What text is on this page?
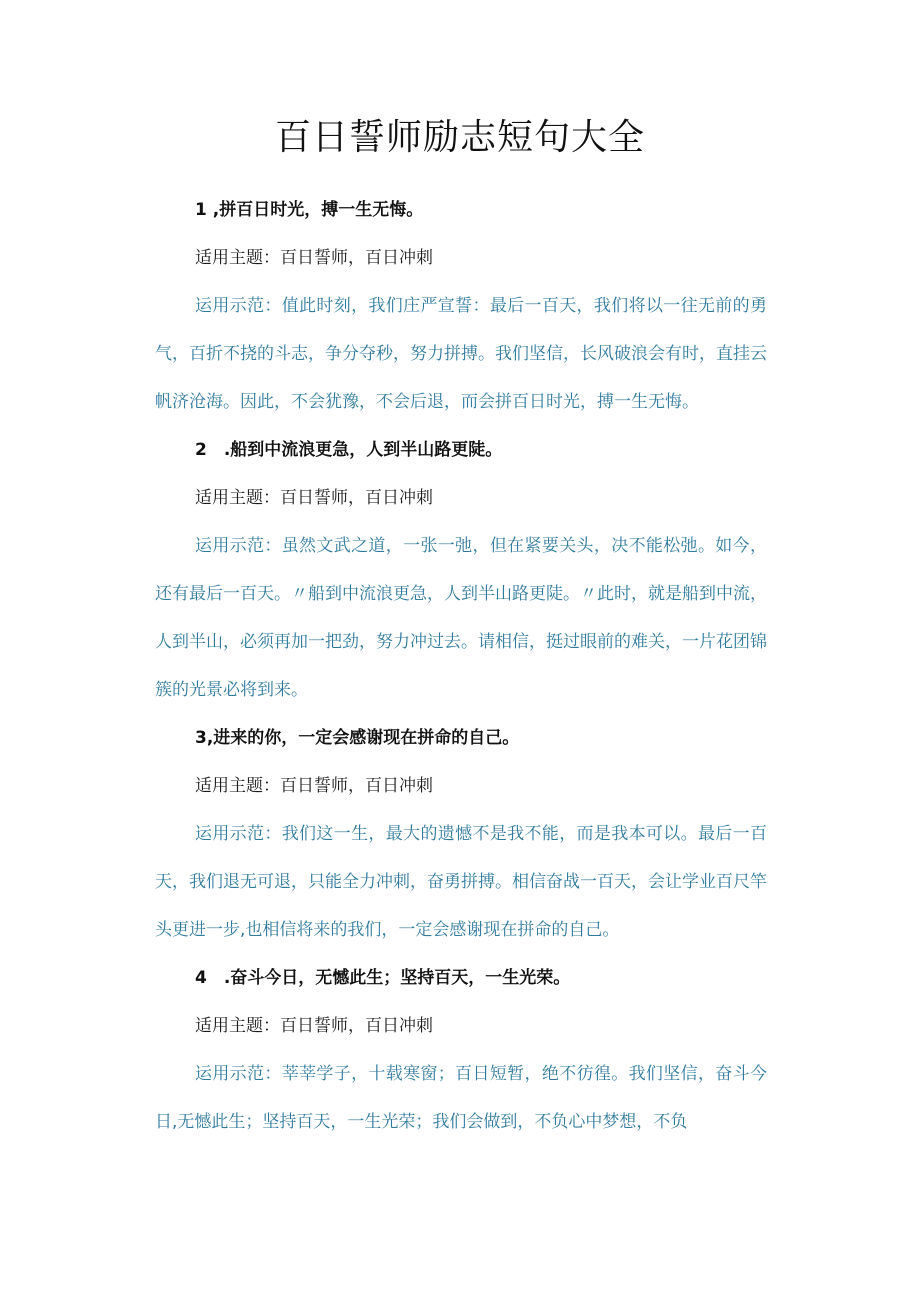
百日誓师励志短句大全

1 ,拼百日时光，搏一生无悔。

适用主题：百日誓师，百日冲刺

运用示范：值此时刻，我们庄严宣誓：最后一百天，我们将以一往无前的勇气，百折不挠的斗志，争分夺秒，努力拼搏。我们坚信，长风破浪会有时，直挂云帆济沧海。因此，不会犹豫，不会后退，而会拼百日时光，搏一生无悔。

2　.船到中流浪更急，人到半山路更陡。

适用主题：百日誓师，百日冲刺

运用示范：虽然文武之道，一张一弛，但在紧要关头，决不能松弛。如今，还有最后一百天。〃船到中流浪更急，人到半山路更陡。〃此时，就是船到中流，人到半山，必须再加一把劲，努力冲过去。请相信，挺过眼前的难关，一片花团锦簇的光景必将到来。

3,进来的你，一定会感谢现在拼命的自己。

适用主题：百日誓师，百日冲刺

运用示范：我们这一生，最大的遗憾不是我不能，而是我本可以。最后一百天，我们退无可退，只能全力冲刺，奋勇拼搏。相信奋战一百天，会让学业百尺竿头更进一步,也相信将来的我们，一定会感谢现在拼命的自己。

4　.奋斗今日，无憾此生；坚持百天，一生光荣。

适用主题：百日誓师，百日冲刺

运用示范：莘莘学子，十载寒窗；百日短暂，绝不彷徨。我们坚信，奋斗今日,无憾此生；坚持百天，一生光荣；我们会做到，不负心中梦想，不负
